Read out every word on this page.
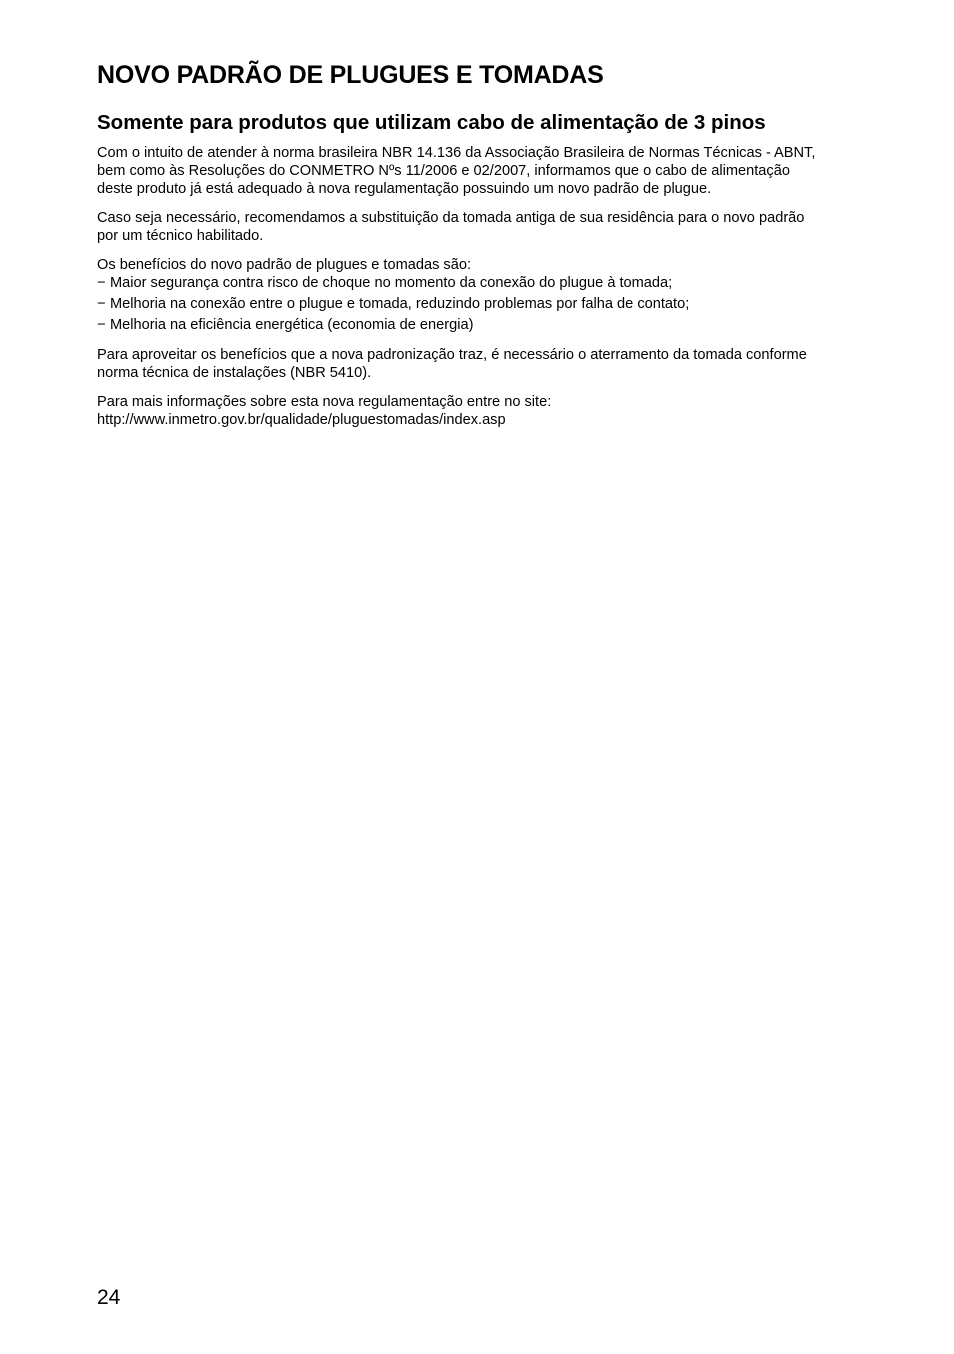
NOVO PADRÃO DE PLUGUES E TOMADAS
Somente para produtos que utilizam cabo de alimentação de 3 pinos

Com o intuito de atender à norma brasileira NBR 14.136 da Associação Brasileira de Normas Técnicas - ABNT, bem como às Resoluções do CONMETRO Nºs 11/2006 e 02/2007, informamos que o cabo de alimentação deste produto já está adequado à nova regulamentação possuindo um novo padrão de plugue.

Caso seja necessário, recomendamos a substituição da tomada antiga de sua residência para o novo padrão por um técnico habilitado.

Os benefícios do novo padrão de plugues e tomadas são:

− Maior segurança contra risco de choque no momento da conexão do plugue à tomada;
− Melhoria na conexão entre o plugue e tomada, reduzindo problemas por falha de contato;
− Melhoria na eficiência energética (economia de energia)

Para aproveitar os benefícios que a nova padronização traz, é necessário o aterramento da tomada conforme norma técnica de instalações (NBR 5410).

Para mais informações sobre esta nova regulamentação entre no site:
http://www.inmetro.gov.br/qualidade/pluguestomadas/index.asp

24
